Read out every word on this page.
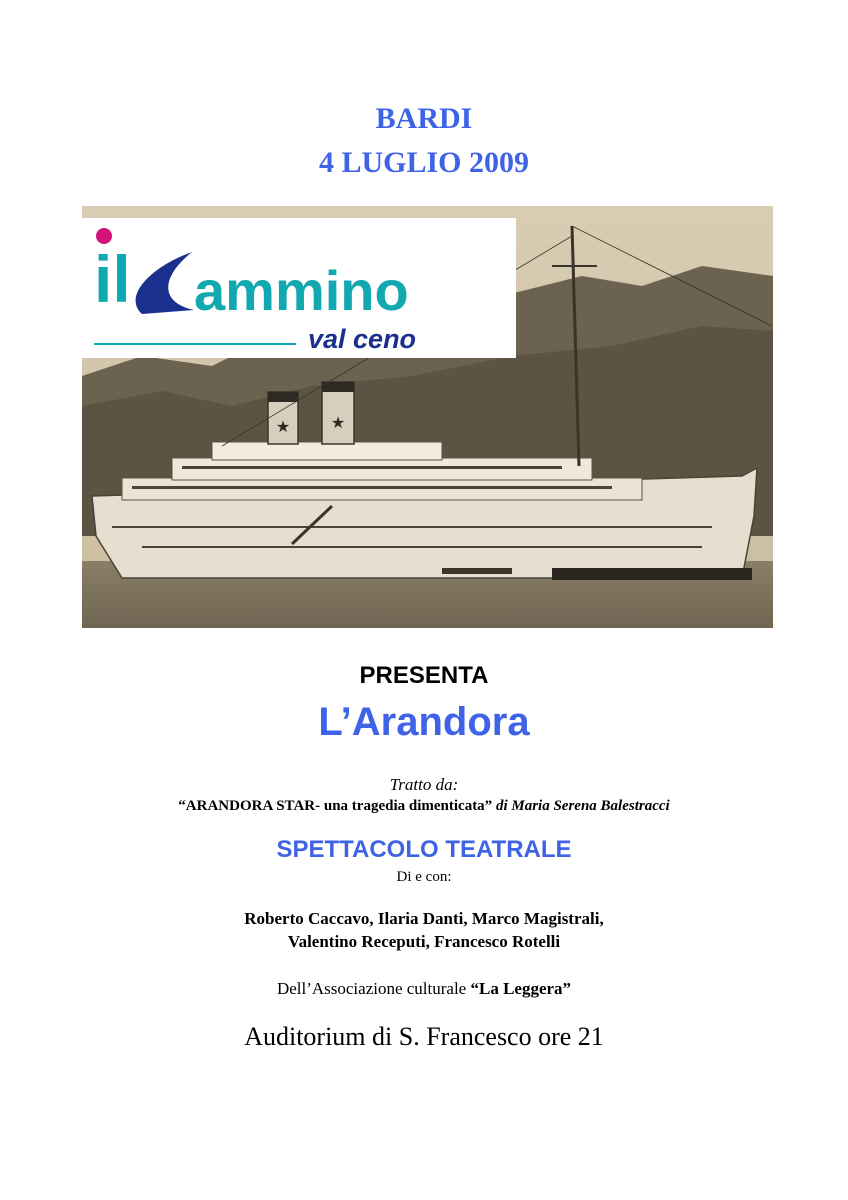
BARDI
4 LUGLIO 2009
★	★
il ammino
val ceno
PRESENTA
L’Arandora
Tratto da:
“ARANDORA STAR- una tragedia dimenticata” di Maria Serena Balestracci
SPETTACOLO TEATRALE
Di e con:
Roberto Caccavo, Ilaria Danti, Marco Magistrali,
Valentino Receputi, Francesco Rotelli
Dell’Associazione culturale “La Leggera”
Auditorium di S. Francesco ore 21
